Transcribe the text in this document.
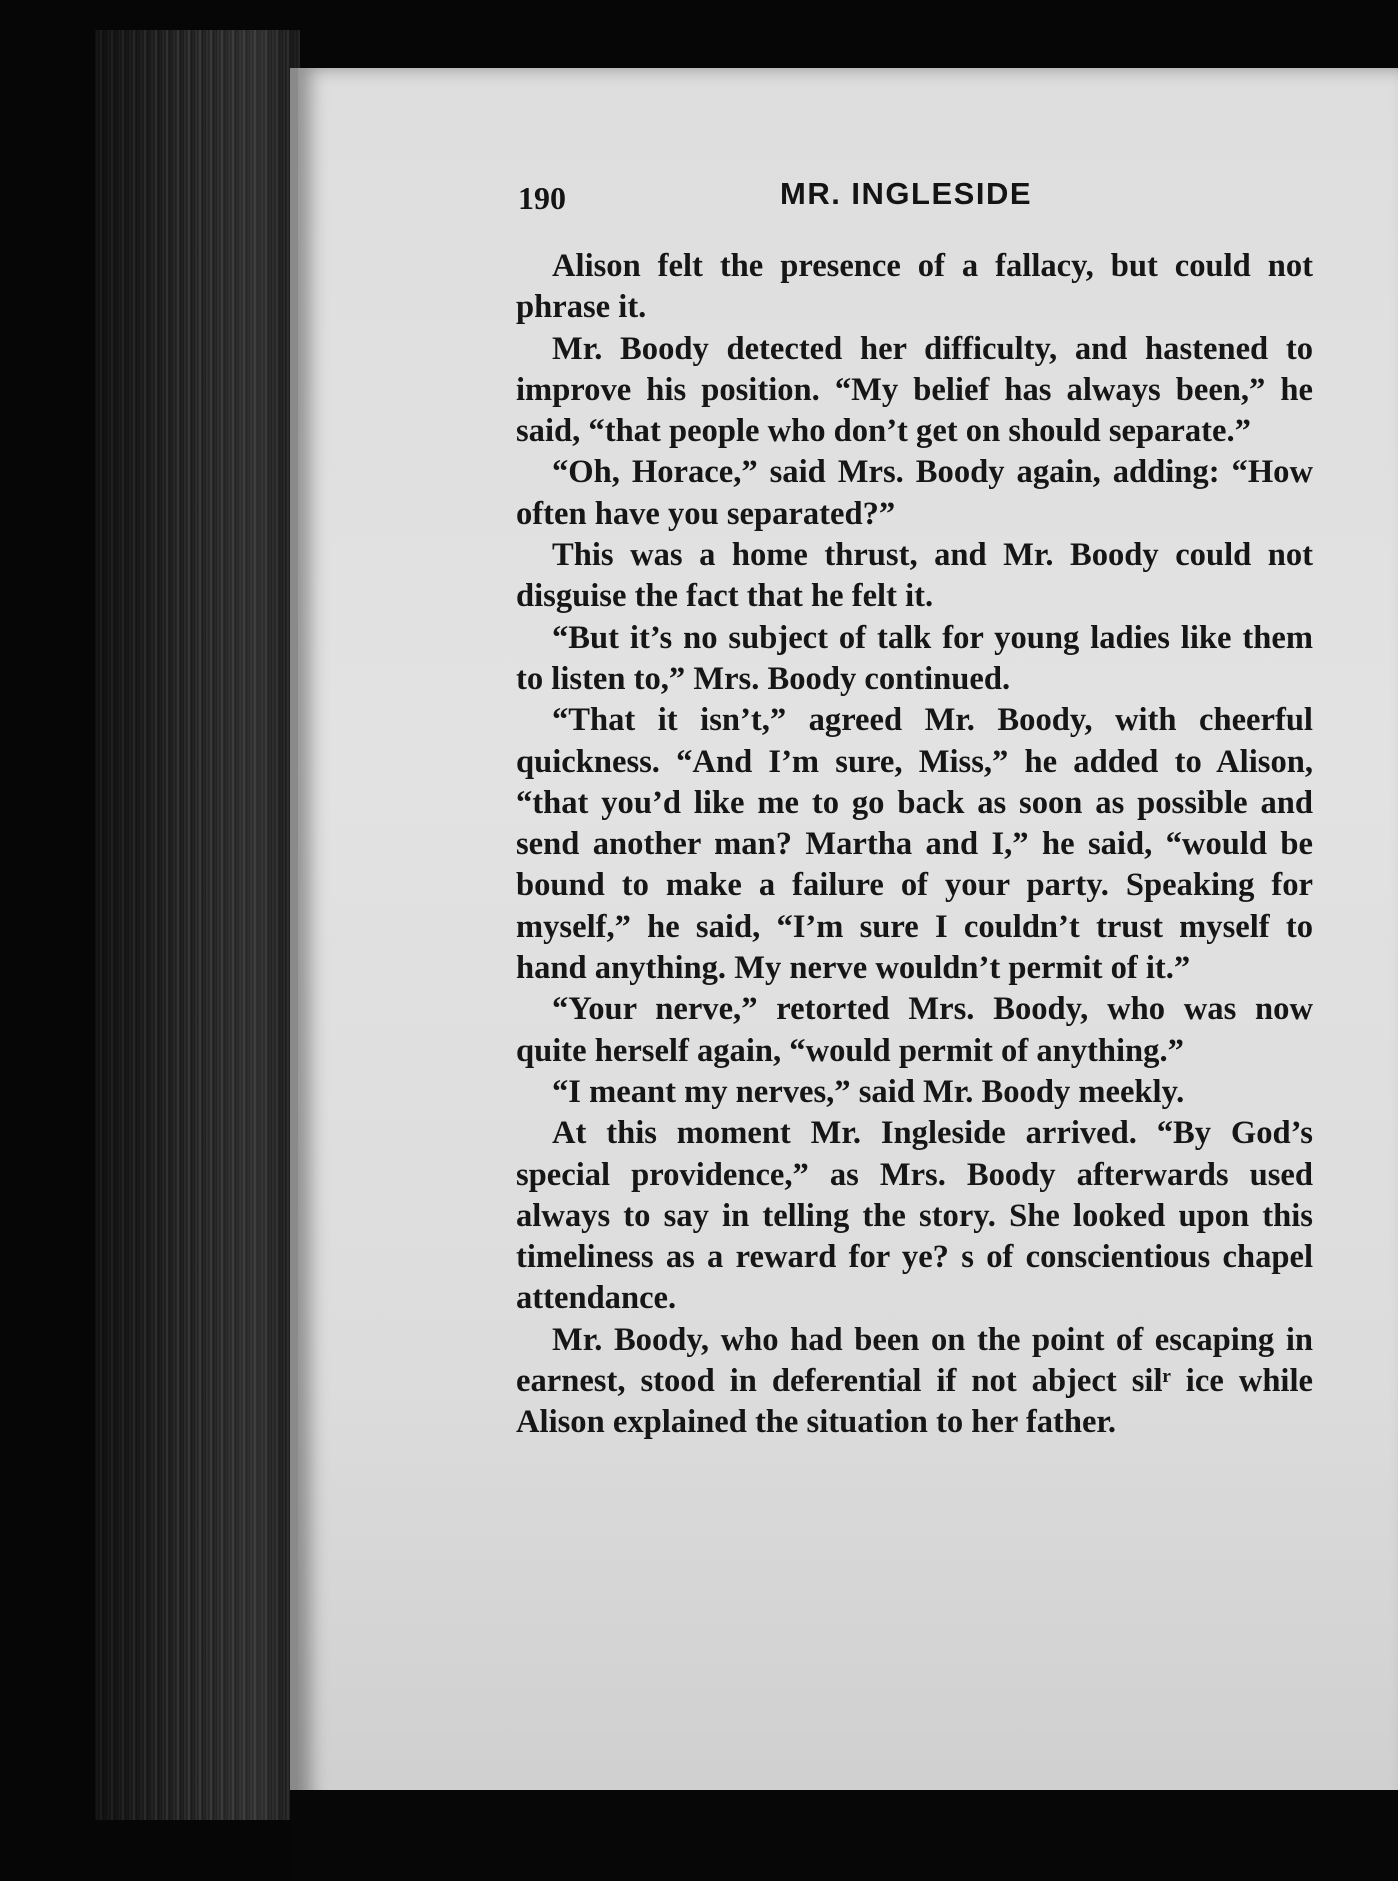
190	MR. INGLESIDE

Alison felt the presence of a fallacy, but could not phrase it.

Mr. Boody detected her difficulty, and hastened to improve his position. “My belief has always been,” he said, “that people who don’t get on should separate.”

“Oh, Horace,” said Mrs. Boody again, adding: “How often have you separated?”

This was a home thrust, and Mr. Boody could not disguise the fact that he felt it.

“But it’s no subject of talk for young ladies like them to listen to,” Mrs. Boody continued.

“That it isn’t,” agreed Mr. Boody, with cheerful quickness. “And I’m sure, Miss,” he added to Alison, “that you’d like me to go back as soon as possible and send another man? Martha and I,” he said, “would be bound to make a failure of your party. Speaking for myself,” he said, “I’m sure I couldn’t trust myself to hand anything. My nerve wouldn’t permit of it.”

“Your nerve,” retorted Mrs. Boody, who was now quite herself again, “would permit of anything.”

“I meant my nerves,” said Mr. Boody meekly.

At this moment Mr. Ingleside arrived. “By God’s special providence,” as Mrs. Boody afterwards used always to say in telling the story. She looked upon this timeliness as a reward for ye? s of conscientious chapel attendance.

Mr. Boody, who had been on the point of escaping in earnest, stood in deferential if not abject silʳ ice while Alison explained the situation to her father.
